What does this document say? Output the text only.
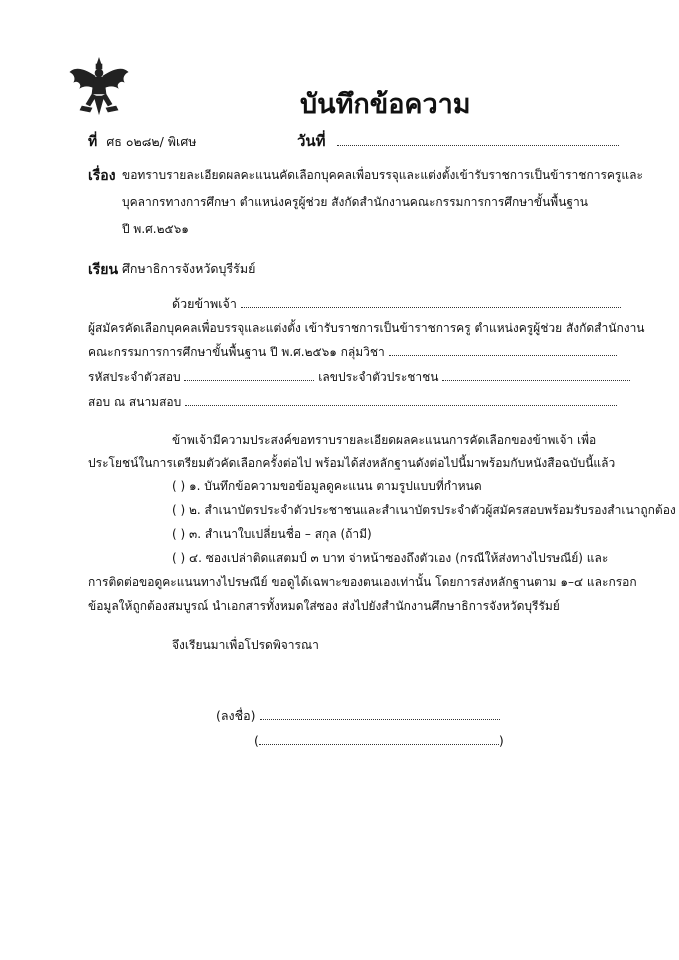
บันทึกข้อความ
ที่ ศธ ๐๒๘๒/ พิเศษ	วันที่
เรื่อง ขอทราบรายละเอียดผลคะแนนคัดเลือกบุคคลเพื่อบรรจุและแต่งตั้งเข้ารับราชการเป็นข้าราชการครูและ
บุคลากรทางการศึกษา ตำแหน่งครูผู้ช่วย สังกัดสำนักงานคณะกรรมการการศึกษาขั้นพื้นฐาน
ปี พ.ศ.๒๕๖๑
เรียน ศึกษาธิการจังหวัดบุรีรัมย์
ด้วยข้าพเจ้า
ผู้สมัครคัดเลือกบุคคลเพื่อบรรจุและแต่งตั้ง เข้ารับราชการเป็นข้าราชการครู ตำแหน่งครูผู้ช่วย สังกัดสำนักงาน
คณะกรรมการการศึกษาขั้นพื้นฐาน ปี พ.ศ.๒๕๖๑ กลุ่มวิชา
รหัสประจำตัวสอบ	เลขประจำตัวประชาชน
สอบ ณ สนามสอบ
ข้าพเจ้ามีความประสงค์ขอทราบรายละเอียดผลคะแนนการคัดเลือกของข้าพเจ้า เพื่อ
ประโยชน์ในการเตรียมตัวคัดเลือกครั้งต่อไป พร้อมได้ส่งหลักฐานดังต่อไปนี้มาพร้อมกับหนังสือฉบับนี้แล้ว
( ) ๑. บันทึกข้อความขอข้อมูลดูคะแนน ตามรูปแบบที่กำหนด
( ) ๒. สำเนาบัตรประจำตัวประชาชนและสำเนาบัตรประจำตัวผู้สมัครสอบพร้อมรับรองสำเนาถูกต้อง
( ) ๓. สำเนาใบเปลี่ยนชื่อ – สกุล (ถ้ามี)
( ) ๔. ซองเปล่าติดแสตมป์ ๓ บาท จ่าหน้าซองถึงตัวเอง (กรณีให้ส่งทางไปรษณีย์) และ
การติดต่อขอดูคะแนนทางไปรษณีย์ ขอดูได้เฉพาะของตนเองเท่านั้น โดยการส่งหลักฐานตาม ๑–๔ และกรอก
ข้อมูลให้ถูกต้องสมบูรณ์ นำเอกสารทั้งหมดใส่ซอง ส่งไปยังสำนักงานศึกษาธิการจังหวัดบุรีรัมย์
จึงเรียนมาเพื่อโปรดพิจารณา
(ลงชื่อ)
(	)
